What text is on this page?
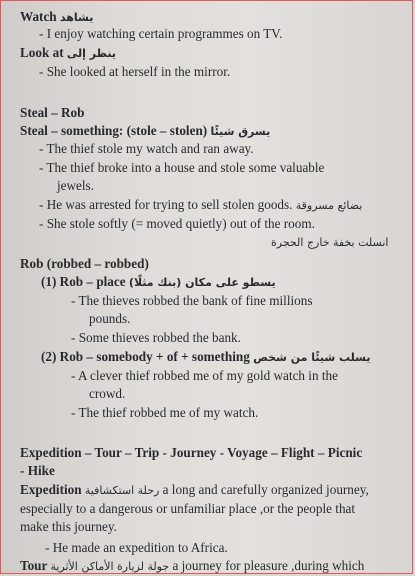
Watch يشاهد
- I enjoy watching certain programmes on TV.
Look at ينظر إلى
- She looked at herself in the mirror.
Steal – Rob
Steal – something: (stole – stolen) يسرق شيئًا
- The thief stole my watch and ran away.
- The thief broke into a house and stole some valuable
jewels.
- He was arrested for trying to sell stolen goods. بضائع مسروقة
- She stole softly (= moved quietly) out of the room.
انسلت بخفة خارج الحجرة
Rob (robbed – robbed)
(1) Rob – place يسطو على مكان (بنك مثلًا)
- The thieves robbed the bank of fine millions
pounds.
- Some thieves robbed the bank.
(2) Rob – somebody + of + something يسلب شيئًا من شخص
- A clever thief robbed me of my gold watch in the
crowd.
- The thief robbed me of my watch.
Expedition – Tour – Trip - Journey - Voyage – Flight – Picnic
- Hike
Expedition رحلة استكشافية a long and carefully organized journey,
especially to a dangerous or unfamiliar place ,or the people that
make this journey.
- He made an expedition to Africa.
Tour جولة لزيارة الأماكن الأثرية a journey for pleasure ,during which
